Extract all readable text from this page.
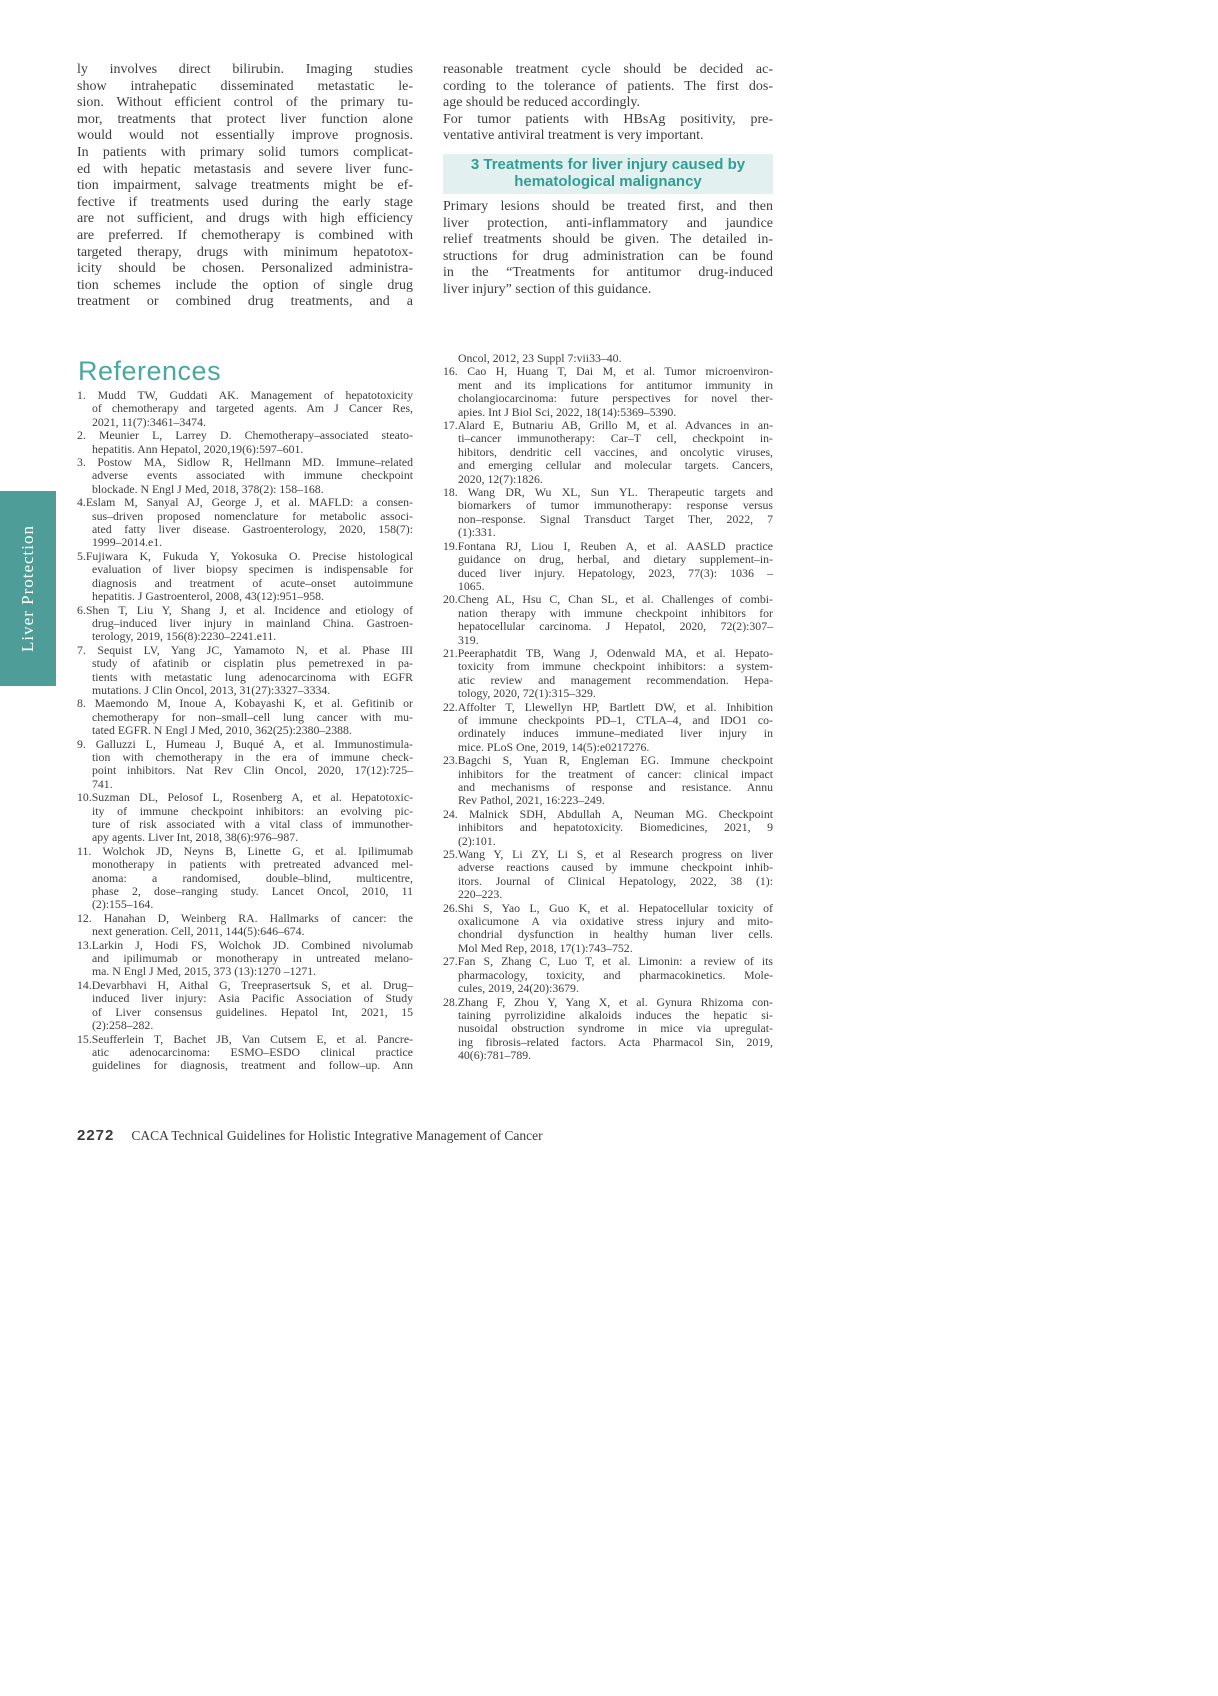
Liver Protection
ly involves direct bilirubin. Imaging studies
show intrahepatic disseminated metastatic le-
sion. Without efficient control of the primary tu-
mor, treatments that protect liver function alone
would would not essentially improve prognosis.
In patients with primary solid tumors complicat-
ed with hepatic metastasis and severe liver func-
tion impairment, salvage treatments might be ef-
fective if treatments used during the early stage
are not sufficient, and drugs with high efficiency
are preferred. If chemotherapy is combined with
targeted therapy, drugs with minimum hepatotox-
icity should be chosen. Personalized administra-
tion schemes include the option of single drug
treatment or combined drug treatments, and a
reasonable treatment cycle should be decided ac-
cording to the tolerance of patients. The first dos-
age should be reduced accordingly.
For tumor patients with HBsAg positivity, pre-
ventative antiviral treatment is very important.
3 Treatments for liver injury caused by
hematological malignancy
Primary lesions should be treated first, and then
liver protection, anti-inflammatory and jaundice
relief treatments should be given. The detailed in-
structions for drug administration can be found
in the “Treatments for antitumor drug-induced
liver injury” section of this guidance.
References
1. Mudd TW, Guddati AK. Management of hepatotoxicity
of chemotherapy and targeted agents. Am J Cancer Res,
2021, 11(7):3461–3474.
2. Meunier L, Larrey D. Chemotherapy–associated steato-
hepatitis. Ann Hepatol, 2020,19(6):597–601.
3. Postow MA, Sidlow R, Hellmann MD. Immune–related
adverse events associated with immune checkpoint
blockade. N Engl J Med, 2018, 378(2): 158–168.
4.Eslam M, Sanyal AJ, George J, et al. MAFLD: a consen-
sus–driven proposed nomenclature for metabolic associ-
ated fatty liver disease. Gastroenterology, 2020, 158(7):
1999–2014.e1.
5.Fujiwara K, Fukuda Y, Yokosuka O. Precise histological
evaluation of liver biopsy specimen is indispensable for
diagnosis and treatment of acute–onset autoimmune
hepatitis. J Gastroenterol, 2008, 43(12):951–958.
6.Shen T, Liu Y, Shang J, et al. Incidence and etiology of
drug–induced liver injury in mainland China. Gastroen-
terology, 2019, 156(8):2230–2241.e11.
7. Sequist LV, Yang JC, Yamamoto N, et al. Phase III
study of afatinib or cisplatin plus pemetrexed in pa-
tients with metastatic lung adenocarcinoma with EGFR
mutations. J Clin Oncol, 2013, 31(27):3327–3334.
8. Maemondo M, Inoue A, Kobayashi K, et al. Gefitinib or
chemotherapy for non–small–cell lung cancer with mu-
tated EGFR. N Engl J Med, 2010, 362(25):2380–2388.
9. Galluzzi L, Humeau J, Buqué A, et al. Immunostimula-
tion with chemotherapy in the era of immune check-
point inhibitors. Nat Rev Clin Oncol, 2020, 17(12):725–
741.
10.Suzman DL, Pelosof L, Rosenberg A, et al. Hepatotoxic-
ity of immune checkpoint inhibitors: an evolving pic-
ture of risk associated with a vital class of immunother-
apy agents. Liver Int, 2018, 38(6):976–987.
11. Wolchok JD, Neyns B, Linette G, et al. Ipilimumab
monotherapy in patients with pretreated advanced mel-
anoma: a randomised, double–blind, multicentre,
phase 2, dose–ranging study. Lancet Oncol, 2010, 11
(2):155–164.
12. Hanahan D, Weinberg RA. Hallmarks of cancer: the
next generation. Cell, 2011, 144(5):646–674.
13.Larkin J, Hodi FS, Wolchok JD. Combined nivolumab
and ipilimumab or monotherapy in untreated melano-
ma. N Engl J Med, 2015, 373 (13):1270 –1271.
14.Devarbhavi H, Aithal G, Treeprasertsuk S, et al. Drug–
induced liver injury: Asia Pacific Association of Study
of Liver consensus guidelines. Hepatol Int, 2021, 15
(2):258–282.
15.Seufferlein T, Bachet JB, Van Cutsem E, et al. Pancre-
atic adenocarcinoma: ESMO–ESDO clinical practice
guidelines for diagnosis, treatment and follow–up. Ann
Oncol, 2012, 23 Suppl 7:vii33–40.
16. Cao H, Huang T, Dai M, et al. Tumor microenviron-
ment and its implications for antitumor immunity in
cholangiocarcinoma: future perspectives for novel ther-
apies. Int J Biol Sci, 2022, 18(14):5369–5390.
17.Alard E, Butnariu AB, Grillo M, et al. Advances in an-
ti–cancer immunotherapy: Car–T cell, checkpoint in-
hibitors, dendritic cell vaccines, and oncolytic viruses,
and emerging cellular and molecular targets. Cancers,
2020, 12(7):1826.
18. Wang DR, Wu XL, Sun YL. Therapeutic targets and
biomarkers of tumor immunotherapy: response versus
non–response. Signal Transduct Target Ther, 2022, 7
(1):331.
19.Fontana RJ, Liou I, Reuben A, et al. AASLD practice
guidance on drug, herbal, and dietary supplement–in-
duced liver injury. Hepatology, 2023, 77(3): 1036 –
1065.
20.Cheng AL, Hsu C, Chan SL, et al. Challenges of combi-
nation therapy with immune checkpoint inhibitors for
hepatocellular carcinoma. J Hepatol, 2020, 72(2):307–
319.
21.Peeraphatdit TB, Wang J, Odenwald MA, et al. Hepato-
toxicity from immune checkpoint inhibitors: a system-
atic review and management recommendation. Hepa-
tology, 2020, 72(1):315–329.
22.Affolter T, Llewellyn HP, Bartlett DW, et al. Inhibition
of immune checkpoints PD–1, CTLA–4, and IDO1 co-
ordinately induces immune–mediated liver injury in
mice. PLoS One, 2019, 14(5):e0217276.
23.Bagchi S, Yuan R, Engleman EG. Immune checkpoint
inhibitors for the treatment of cancer: clinical impact
and mechanisms of response and resistance. Annu
Rev Pathol, 2021, 16:223–249.
24. Malnick SDH, Abdullah A, Neuman MG. Checkpoint
inhibitors and hepatotoxicity. Biomedicines, 2021, 9
(2):101.
25.Wang Y, Li ZY, Li S, et al Research progress on liver
adverse reactions caused by immune checkpoint inhib-
itors. Journal of Clinical Hepatology, 2022, 38 (1):
220–223.
26.Shi S, Yao L, Guo K, et al. Hepatocellular toxicity of
oxalicumone A via oxidative stress injury and mito-
chondrial dysfunction in healthy human liver cells.
Mol Med Rep, 2018, 17(1):743–752.
27.Fan S, Zhang C, Luo T, et al. Limonin: a review of its
pharmacology, toxicity, and pharmacokinetics. Mole-
cules, 2019, 24(20):3679.
28.Zhang F, Zhou Y, Yang X, et al. Gynura Rhizoma con-
taining pyrrolizidine alkaloids induces the hepatic si-
nusoidal obstruction syndrome in mice via upregulat-
ing fibrosis–related factors. Acta Pharmacol Sin, 2019,
40(6):781–789.
2272 CACA Technical Guidelines for Holistic Integrative Management of Cancer
